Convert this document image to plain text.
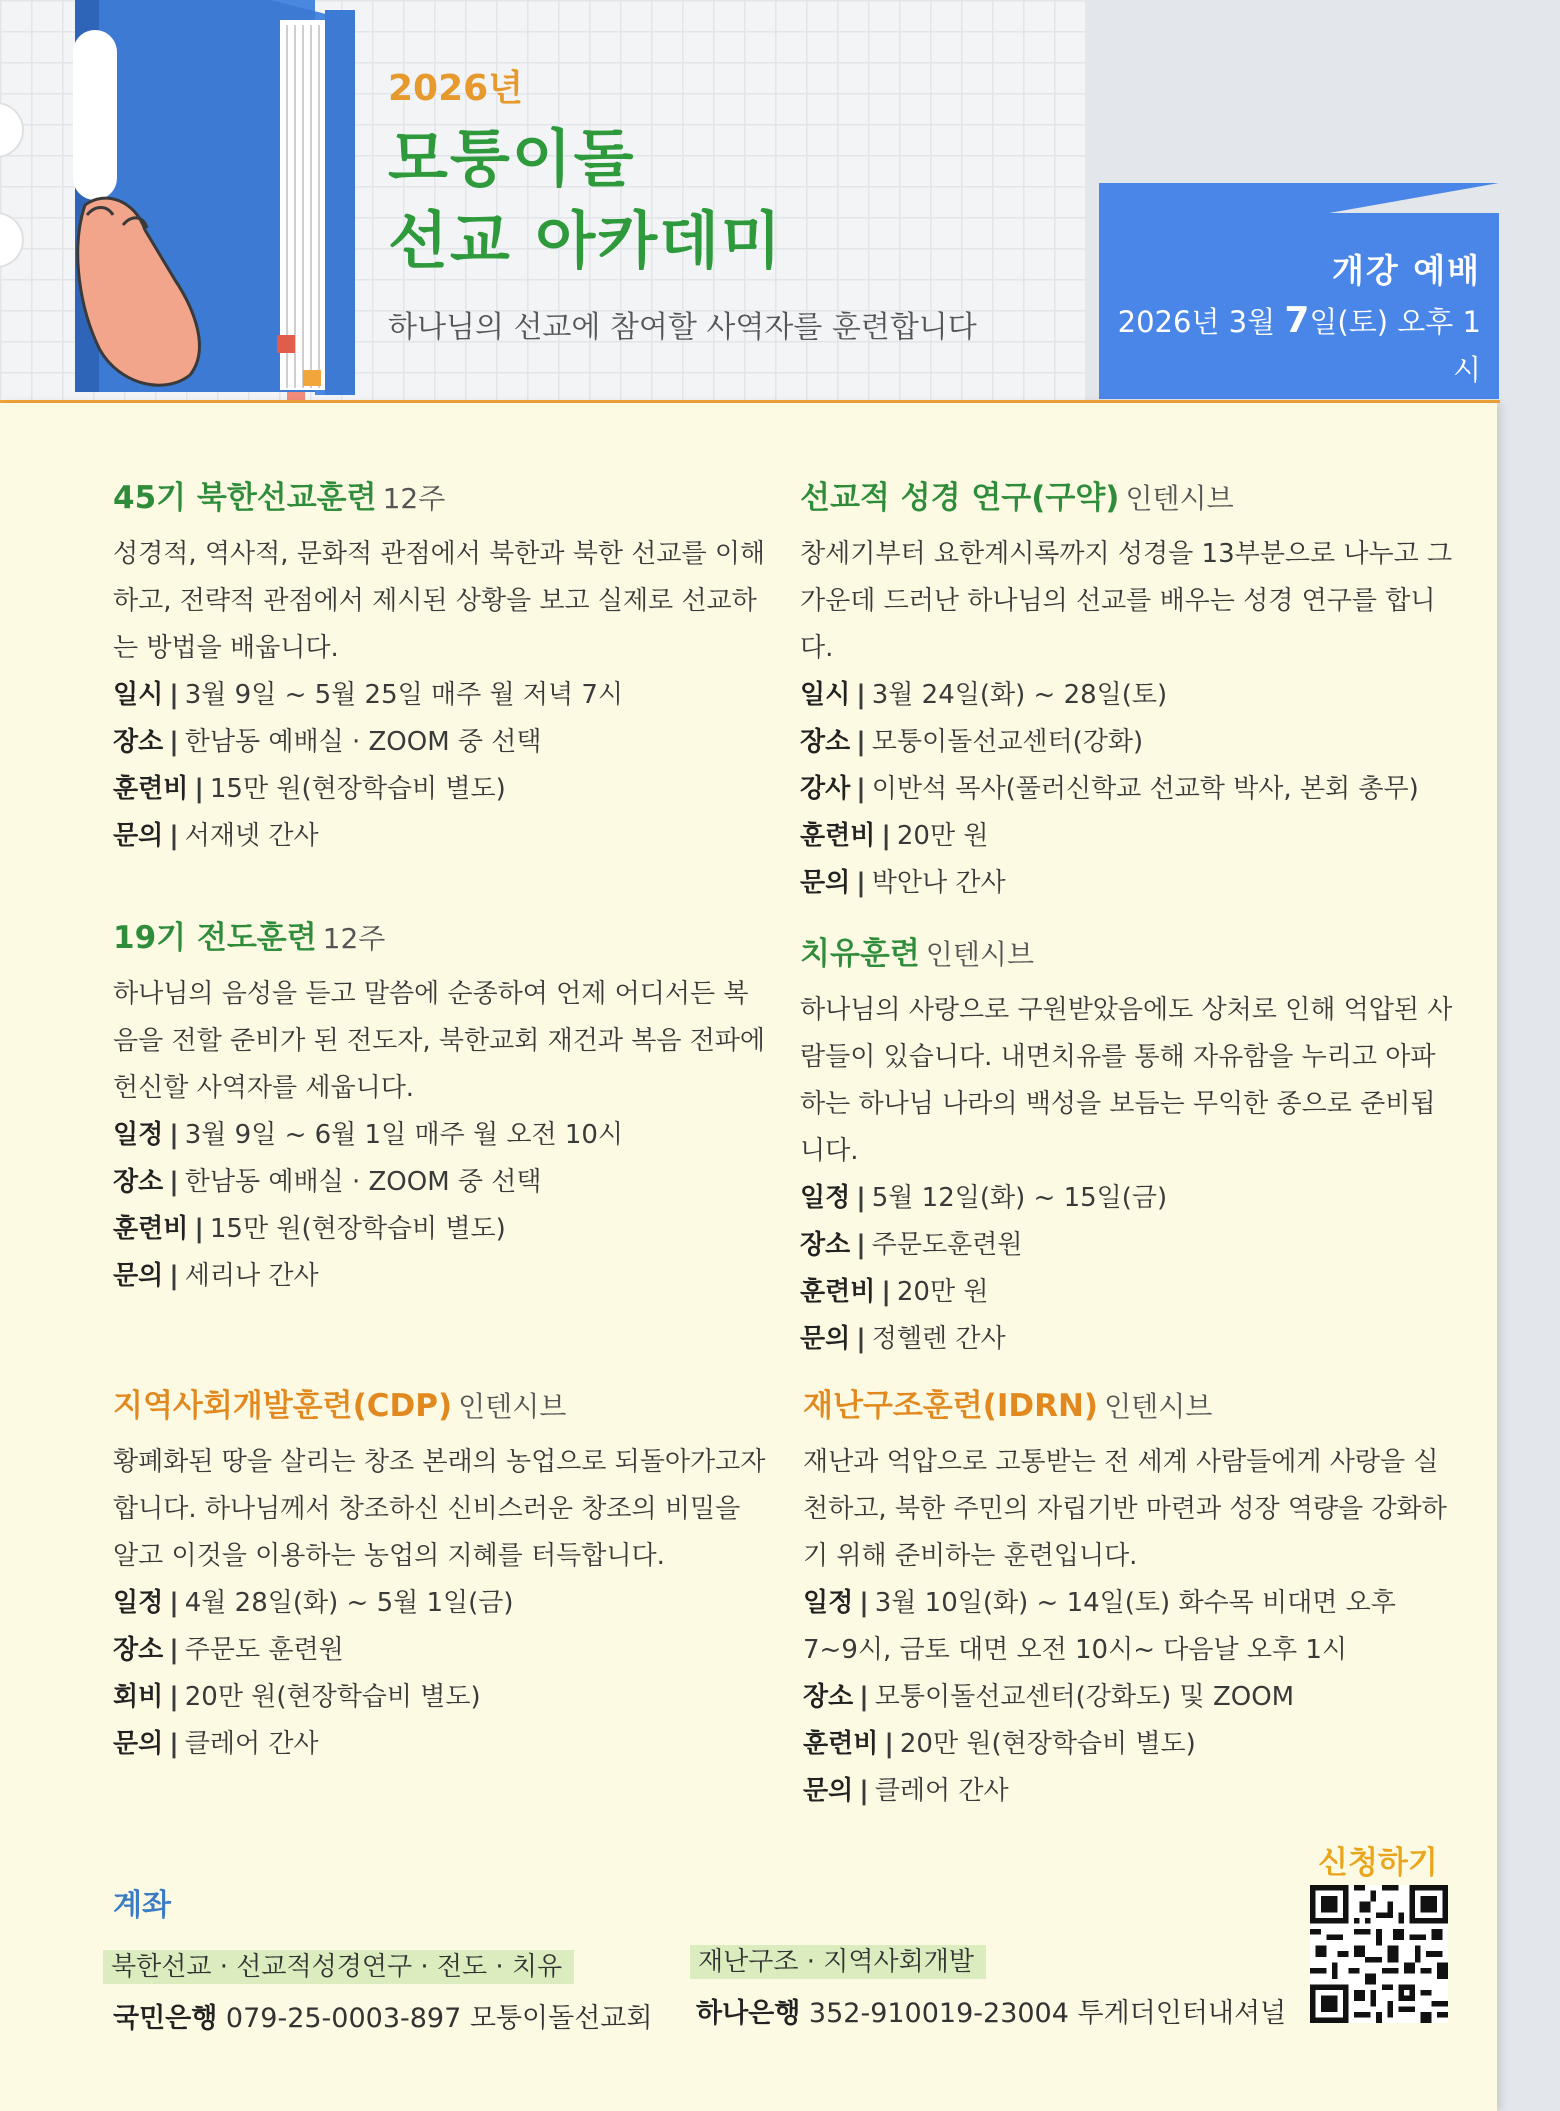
2026년
모퉁이돌
선교 아카데미
하나님의 선교에 참여할 사역자를 훈련합니다
개강 예배
2026년 3월 7일(토) 오후 1시
45기 북한선교훈련 12주

성경적, 역사적, 문화적 관점에서 북한과 북한 선교를 이해하고, 전략적 관점에서 제시된 상황을 보고 실제로 선교하는 방법을 배웁니다.

일시 | 3월 9일 ~ 5월 25일 매주 월 저녁 7시
장소 | 한남동 예배실 · ZOOM 중 선택
훈련비 | 15만 원(현장학습비 별도)
문의 | 서재넷 간사
선교적 성경 연구(구약) 인텐시브

창세기부터 요한계시록까지 성경을 13부분으로 나누고 그 가운데 드러난 하나님의 선교를 배우는 성경 연구를 합니다.

일시 | 3월 24일(화) ~ 28일(토)
장소 | 모퉁이돌선교센터(강화)
강사 | 이반석 목사(풀러신학교 선교학 박사, 본회 총무)
훈련비 | 20만 원
문의 | 박안나 간사
19기 전도훈련 12주

하나님의 음성을 듣고 말씀에 순종하여 언제 어디서든 복음을 전할 준비가 된 전도자, 북한교회 재건과 복음 전파에 헌신할 사역자를 세웁니다.

일정 | 3월 9일 ~ 6월 1일 매주 월 오전 10시
장소 | 한남동 예배실 · ZOOM 중 선택
훈련비 | 15만 원(현장학습비 별도)
문의 | 세리나 간사
치유훈련 인텐시브

하나님의 사랑으로 구원받았음에도 상처로 인해 억압된 사람들이 있습니다. 내면치유를 통해 자유함을 누리고 아파하는 하나님 나라의 백성을 보듬는 무익한 종으로 준비됩니다.

일정 | 5월 12일(화) ~ 15일(금)
장소 | 주문도훈련원
훈련비 | 20만 원
문의 | 정헬렌 간사
지역사회개발훈련(CDP) 인텐시브

황폐화된 땅을 살리는 창조 본래의 농업으로 되돌아가고자 합니다. 하나님께서 창조하신 신비스러운 창조의 비밀을 알고 이것을 이용하는 농업의 지혜를 터득합니다.

일정 | 4월 28일(화) ~ 5월 1일(금)
장소 | 주문도 훈련원
회비 | 20만 원(현장학습비 별도)
문의 | 클레어 간사
재난구조훈련(IDRN) 인텐시브

재난과 억압으로 고통받는 전 세계 사람들에게 사랑을 실천하고, 북한 주민의 자립기반 마련과 성장 역량을 강화하기 위해 준비하는 훈련입니다.

일정 | 3월 10일(화) ~ 14일(토) 화수목 비대면 오후 7~9시, 금토 대면 오전 10시~ 다음날 오후 1시
장소 | 모퉁이돌선교센터(강화도) 및 ZOOM
훈련비 | 20만 원(현장학습비 별도)
문의 | 클레어 간사
계좌
북한선교 · 선교적성경연구 · 전도 · 치유
국민은행 079-25-0003-897 모퉁이돌선교회
재난구조 · 지역사회개발
하나은행 352-910019-23004 투게더인터내셔널
신청하기
